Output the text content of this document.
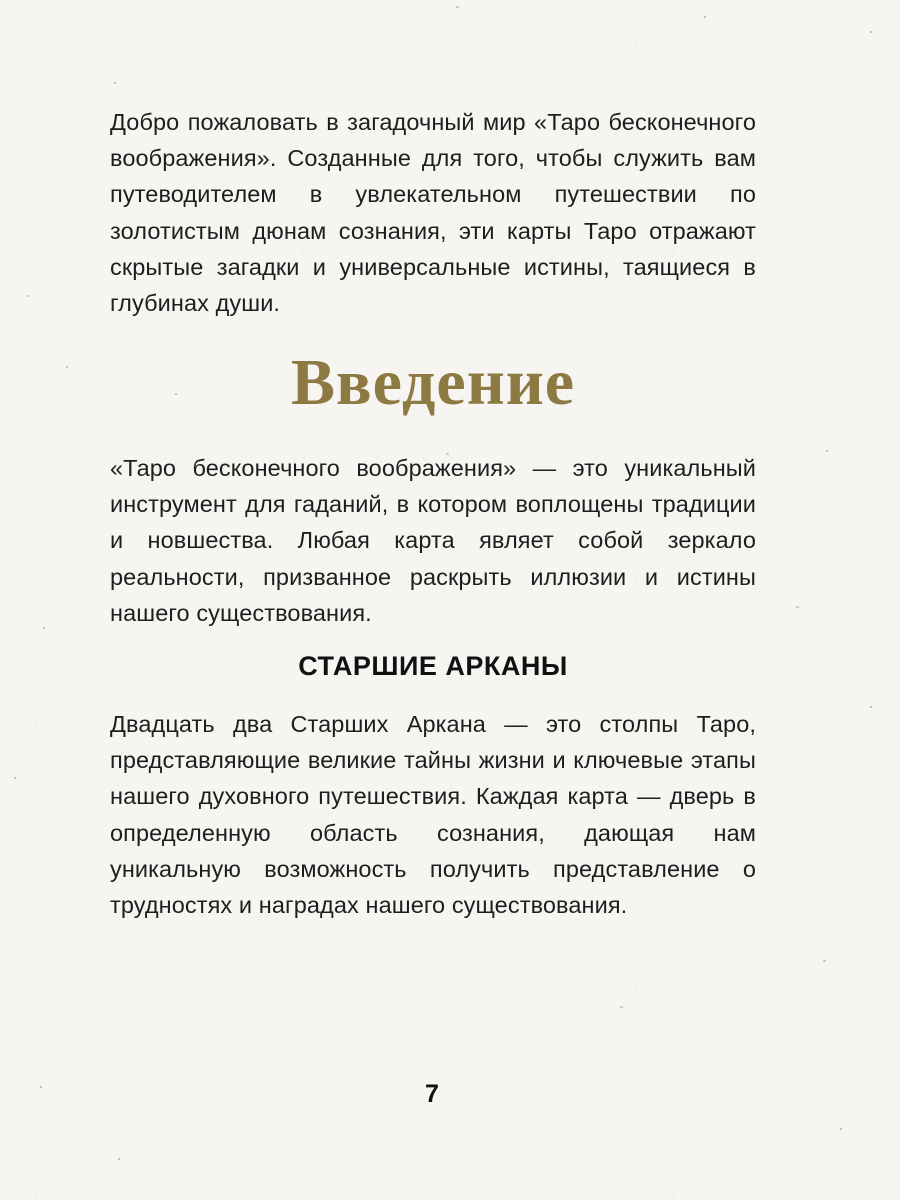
Добро пожаловать в загадочный мир «Таро бесконечного воображения». Созданные для того, чтобы служить вам путеводителем в увлекательном путешествии по золотистым дюнам сознания, эти карты Таро отражают скрытые загадки и универсальные истины, таящиеся в глубинах души.

Введение

«Таро бесконечного воображения» — это уникальный инструмент для гаданий, в котором воплощены традиции и новшества. Любая карта являет собой зеркало реальности, призванное раскрыть иллюзии и истины нашего существования.

СТАРШИЕ АРКАНЫ

Двадцать два Старших Аркана — это столпы Таро, представляющие великие тайны жизни и ключевые этапы нашего духовного путешествия. Каждая карта — дверь в определенную область сознания, дающая нам уникальную возможность получить представление о трудностях и наградах нашего существования.

7
